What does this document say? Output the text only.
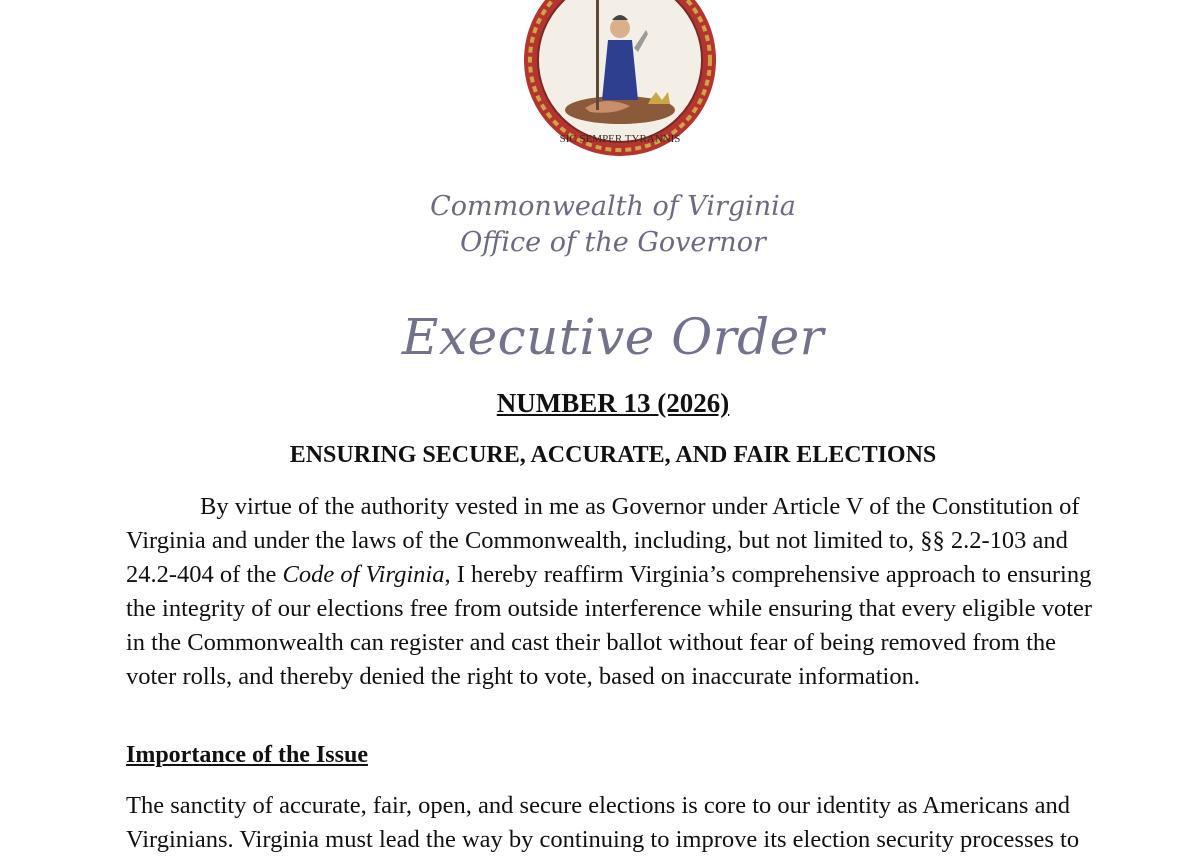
SIC SEMPER TYRANNIS
Commonwealth of Virginia
Office of the Governor
Executive Order
NUMBER 13 (2026)
ENSURING SECURE, ACCURATE, AND FAIR ELECTIONS
By virtue of the authority vested in me as Governor under Article V of the Constitution of Virginia and under the laws of the Commonwealth, including, but not limited to, §§ 2.2-103 and 24.2-404 of the Code of Virginia, I hereby reaffirm Virginia’s comprehensive approach to ensuring the integrity of our elections free from outside interference while ensuring that every eligible voter in the Commonwealth can register and cast their ballot without fear of being removed from the voter rolls, and thereby denied the right to vote, based on inaccurate information.
Importance of the Issue
The sanctity of accurate, fair, open, and secure elections is core to our identity as Americans and Virginians. Virginia must lead the way by continuing to improve its election security processes to
